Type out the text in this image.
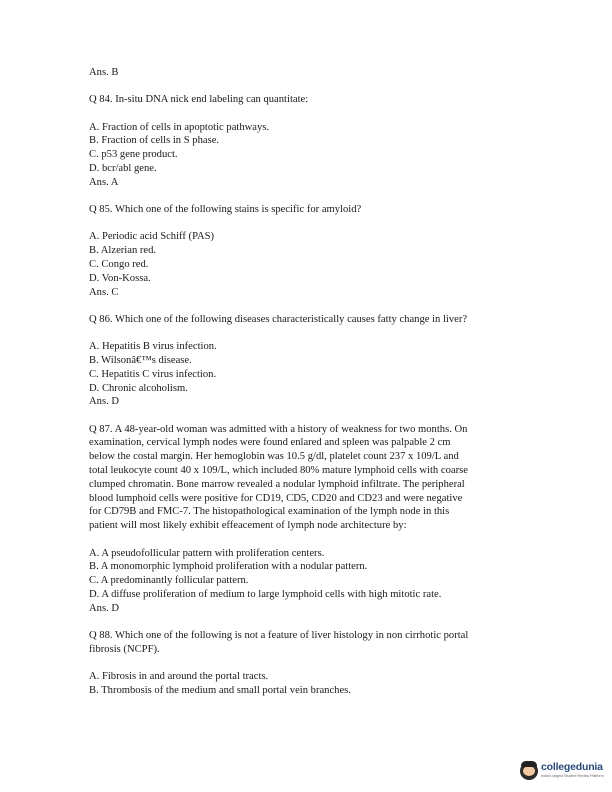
Ans. B
Q 84. In-situ DNA nick end labeling can quantitate:
A. Fraction of cells in apoptotic pathways.
B. Fraction of cells in S phase.
C. p53 gene product.
D. bcr/abl gene.
Ans. A
Q 85. Which one of the following stains is specific for amyloid?
A. Periodic acid Schiff (PAS)
B. Alzerian red.
C. Congo red.
D. Von-Kossa.
Ans. C
Q 86. Which one of the following diseases characteristically causes fatty change in liver?
A. Hepatitis B virus infection.
B. Wilsonâ€™s disease.
C. Hepatitis C virus infection.
D. Chronic alcoholism.
Ans. D
Q 87. A 48-year-old woman was admitted with a history of weakness for two months. On
examination, cervical lymph nodes were found enlared and spleen was palpable 2 cm
below the costal margin. Her hemoglobin was 10.5 g/dl, platelet count 237 x 109/L and
total leukocyte count 40 x 109/L, which included 80% mature lymphoid cells with coarse
clumped chromatin. Bone marrow revealed a nodular lymphoid infiltrate. The peripheral
blood lumphoid cells were positive for CD19, CD5, CD20 and CD23 and were negative
for CD79B and FMC-7. The histopathological examination of the lymph node in this
patient will most likely exhibit effeacement of lymph node architecture by:
A. A pseudofollicular pattern with proliferation centers.
B. A monomorphic lymphoid proliferation with a nodular pattern.
C. A predominantly follicular pattern.
D. A diffuse proliferation of medium to large lymphoid cells with high mitotic rate.
Ans. D
Q 88. Which one of the following is not a feature of liver histology in non cirrhotic portal
fibrosis (NCPF).
A. Fibrosis in and around the portal tracts.
B. Thrombosis of the medium and small portal vein branches.
collegedunia
India's largest Student Review Platform
